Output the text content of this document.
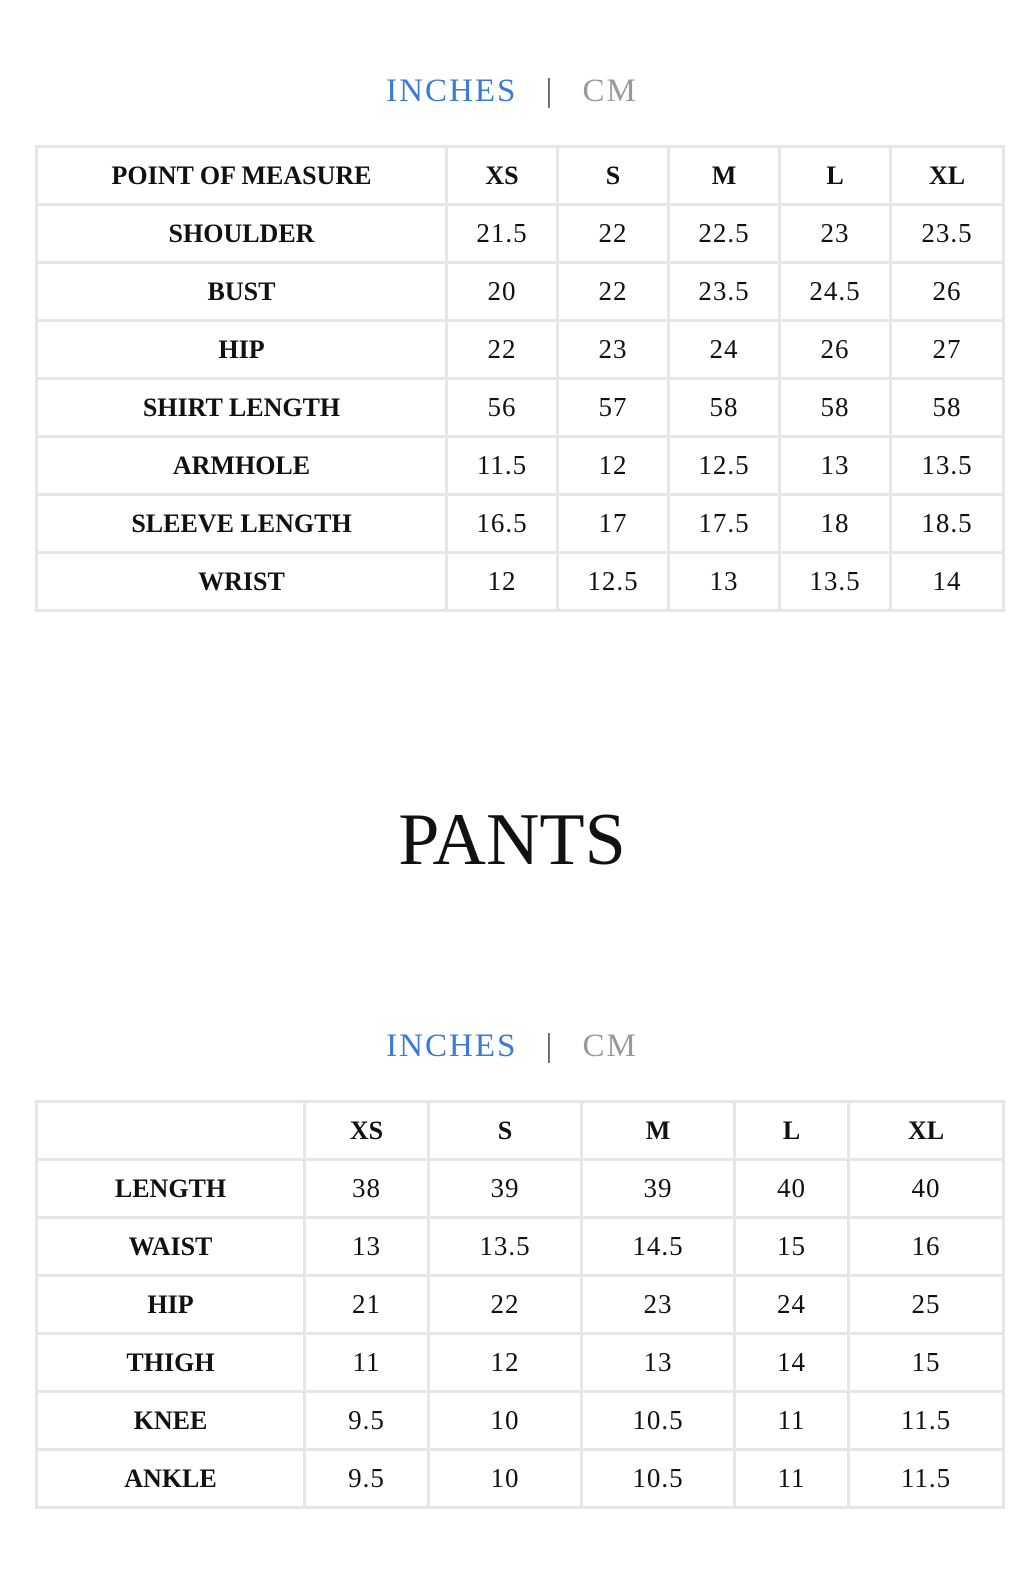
INCHES | CM
POINT OF MEASURE	XS	S	M	L	XL
SHOULDER	21.5	22	22.5	23	23.5
BUST	20	22	23.5	24.5	26
HIP	22	23	24	26	27
SHIRT LENGTH	56	57	58	58	58
ARMHOLE	11.5	12	12.5	13	13.5
SLEEVE LENGTH	16.5	17	17.5	18	18.5
WRIST	12	12.5	13	13.5	14
PANTS
INCHES | CM
	XS	S	M	L	XL
LENGTH	38	39	39	40	40
WAIST	13	13.5	14.5	15	16
HIP	21	22	23	24	25
THIGH	11	12	13	14	15
KNEE	9.5	10	10.5	11	11.5
ANKLE	9.5	10	10.5	11	11.5
